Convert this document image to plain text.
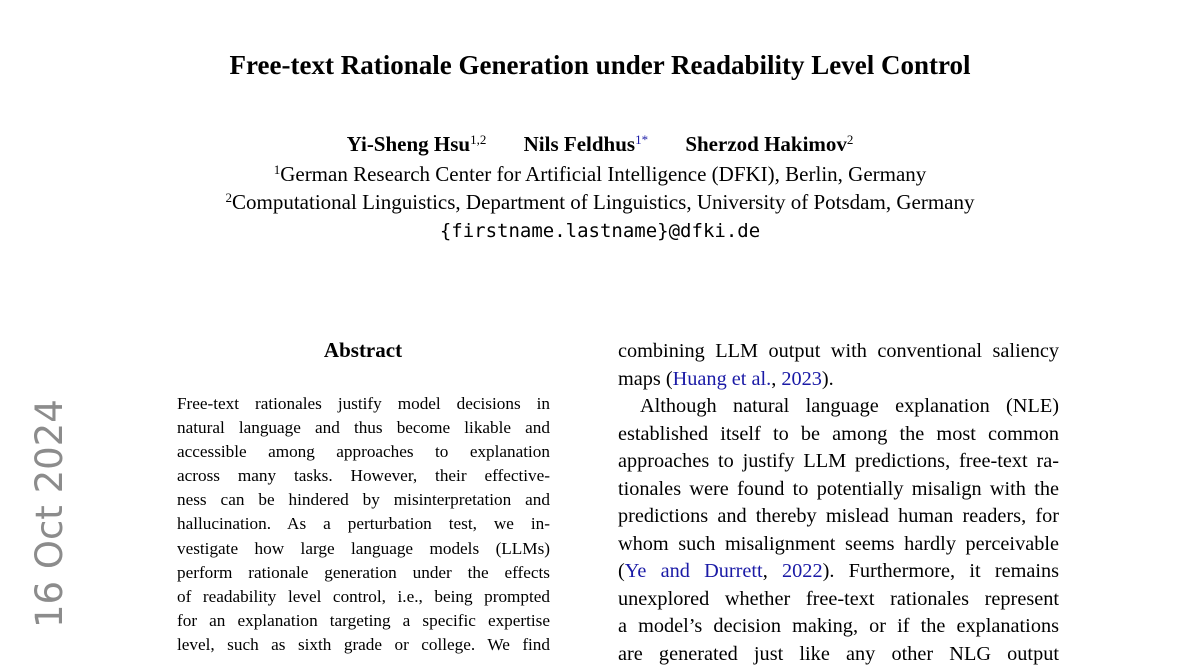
Free-text Rationale Generation under Readability Level Control
Yi-Sheng Hsu$^{1,2}$ Nils Feldhus$^{1*}$ Sherzod Hakimov$^2$
$^1$German Research Center for Artificial Intelligence (DFKI), Berlin, Germany
$^2$Computational Linguistics, Department of Linguistics, University of Potsdam, Germany
{firstname.lastname}@dfki.de
16 Oct 2024
Abstract
Free-text rationales justify model decisions in
natural language and thus become likable and
accessible among approaches to explanation
across many tasks. However, their effective-
ness can be hindered by misinterpretation and
hallucination. As a perturbation test, we in-
vestigate how large language models (LLMs)
perform rationale generation under the effects
of readability level control, i.e., being prompted
for an explanation targeting a specific expertise
level, such as sixth grade or college. We find
combining LLM output with conventional saliency
maps (Huang et al., 2023).
Although natural language explanation (NLE)
established itself to be among the most common
approaches to justify LLM predictions, free-text ra-
tionales were found to potentially misalign with the
predictions and thereby mislead human readers, for
whom such misalignment seems hardly perceivable
(Ye and Durrett, 2022). Furthermore, it remains
unexplored whether free-text rationales represent
a model’s decision making, or if the explanations
are generated just like any other NLG output
